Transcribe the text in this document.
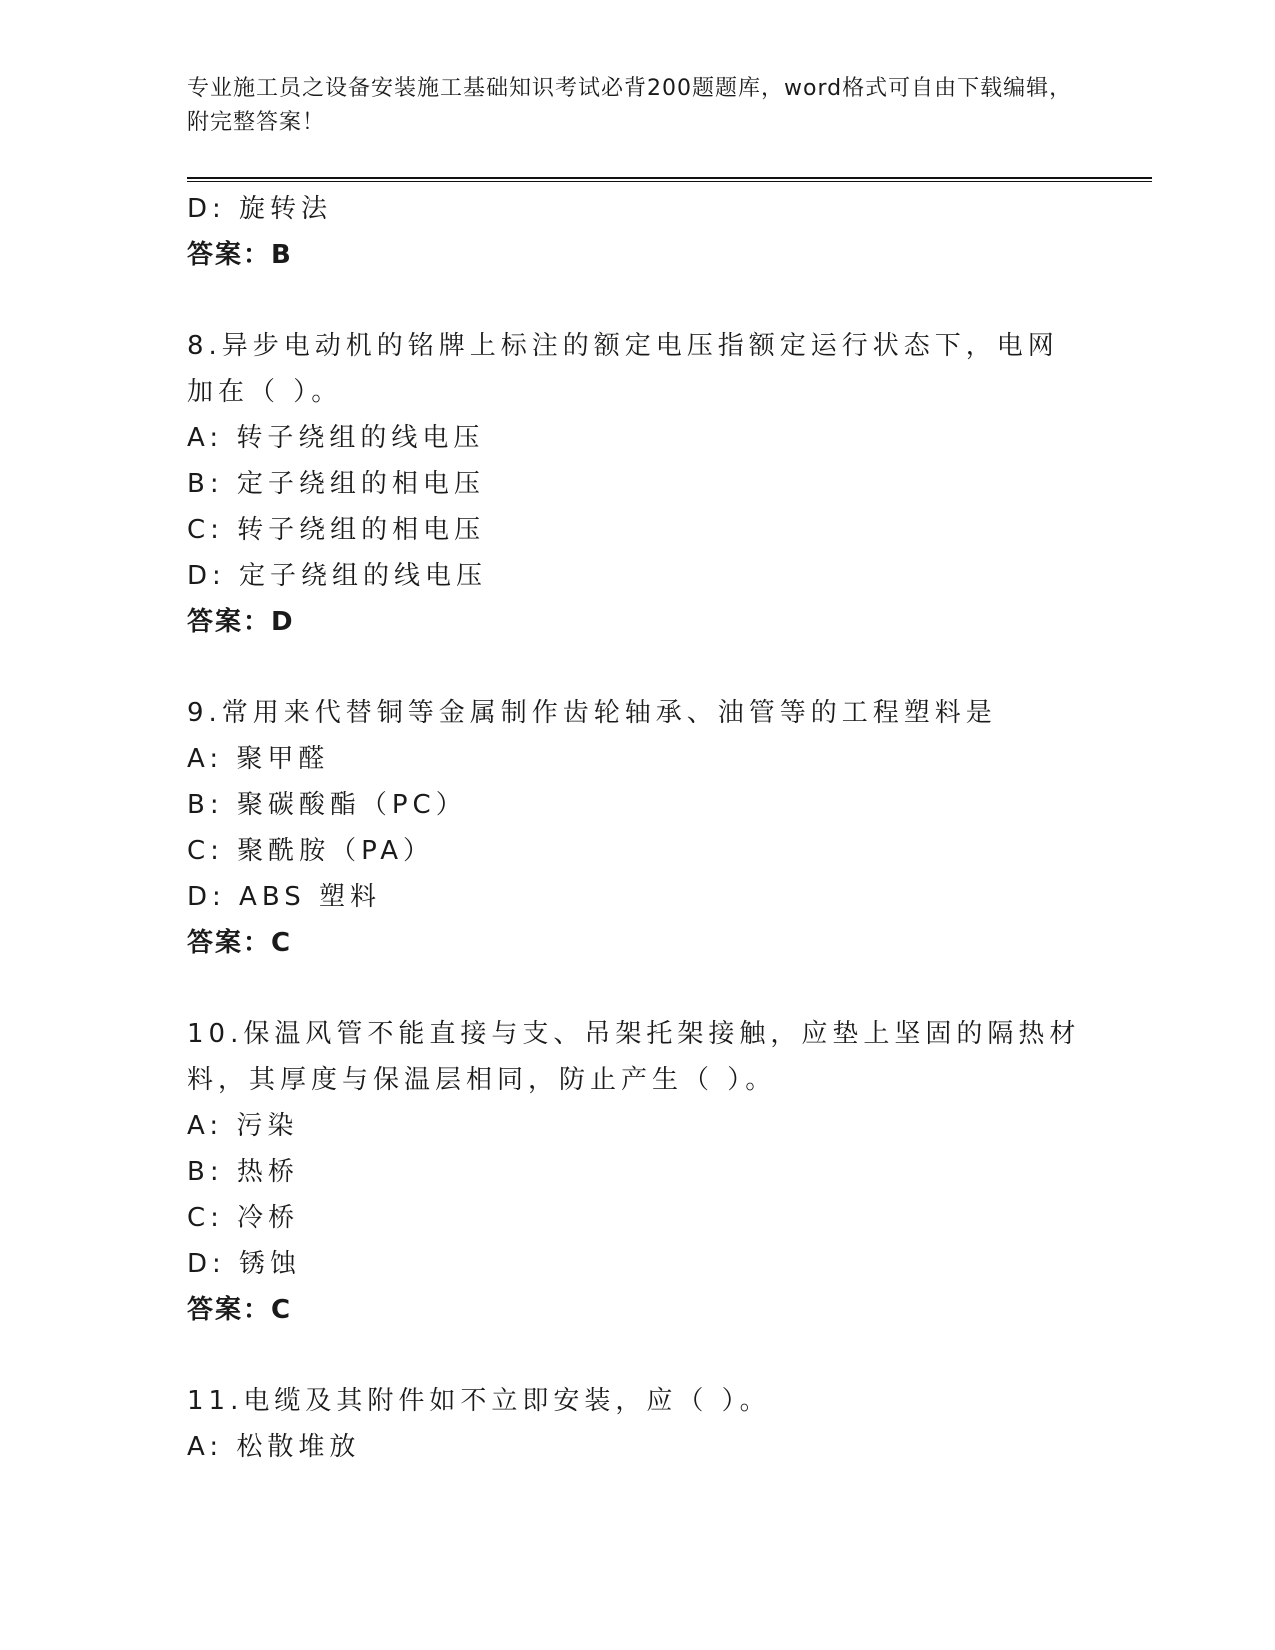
专业施工员之设备安装施工基础知识考试必背200题题库，word格式可自由下载编辑，附完整答案！
D: 旋转法
答案：B
8.异步电动机的铭牌上标注的额定电压指额定运行状态下，电网加在（ ）。
A: 转子绕组的线电压
B: 定子绕组的相电压
C: 转子绕组的相电压
D: 定子绕组的线电压
答案：D
9.常用来代替铜等金属制作齿轮轴承、油管等的工程塑料是
A: 聚甲醛
B: 聚碳酸酯（PC）
C: 聚酰胺（PA）
D: ABS 塑料
答案：C
10.保温风管不能直接与支、吊架托架接触，应垫上坚固的隔热材料，其厚度与保温层相同，防止产生（ ）。
A: 污染
B: 热桥
C: 冷桥
D: 锈蚀
答案：C
11.电缆及其附件如不立即安装，应（ ）。
A: 松散堆放
